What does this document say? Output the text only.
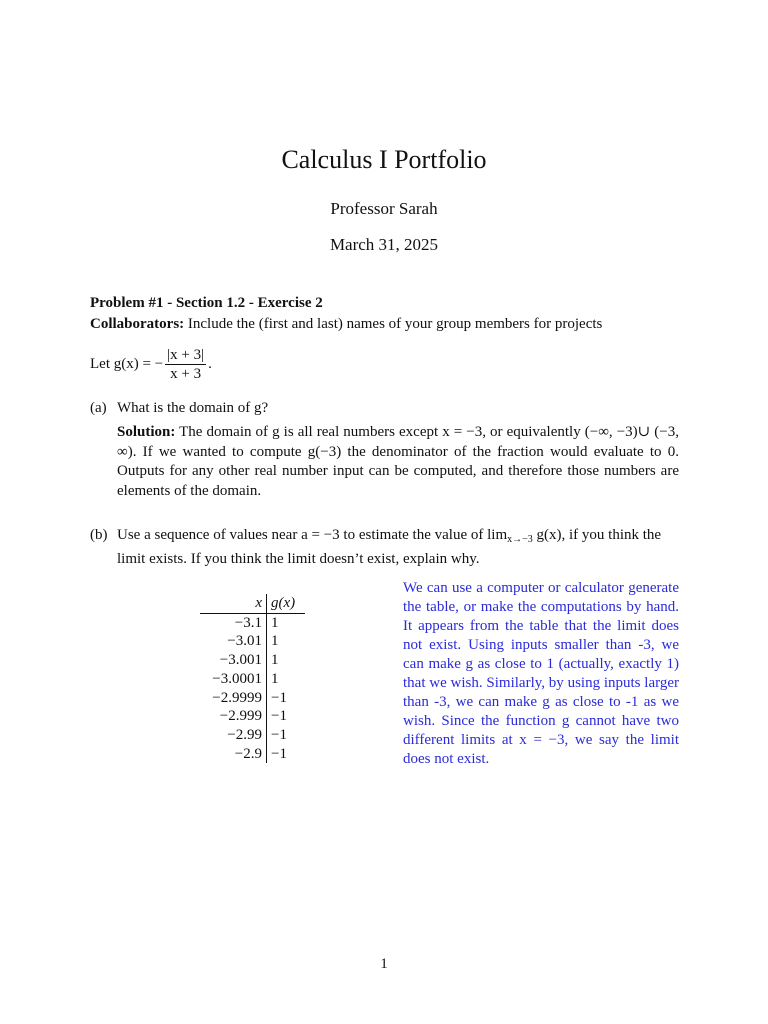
Calculus I Portfolio
Professor Sarah
March 31, 2025
Problem #1 - Section 1.2 - Exercise 2
Collaborators: Include the (first and last) names of your group members for projects
Let g(x) = − $\frac{|x + 3|}{x + 3}$ .
(a) What is the domain of g?
Solution: The domain of g is all real numbers except x = −3, or equivalently (−∞, −3)∪ (−3, ∞). If we wanted to compute g(−3) the denominator of the fraction would evaluate to 0. Outputs for any other real number input can be computed, and therefore those numbers are elements of the domain.
(b) Use a sequence of values near a = −3 to estimate the value of $\lim_{x\to-3} g(x)$, if you think the limit exists. If you think the limit doesn’t exist, explain why.
x	g(x)
−3.1	1
−3.01	1
−3.001	1
−3.0001	1
−2.9999	−1
−2.999	−1
−2.99	−1
−2.9	−1
We can use a computer or calculator generate the table, or make the computations by hand. It appears from the table that the limit does not exist. Using inputs smaller than -3, we can make g as close to 1 (actually, exactly 1) that we wish. Similarly, by using inputs larger than -3, we can make g as close to -1 as we wish. Since the function g cannot have two different limits at x = −3, we say the limit does not exist.
1
